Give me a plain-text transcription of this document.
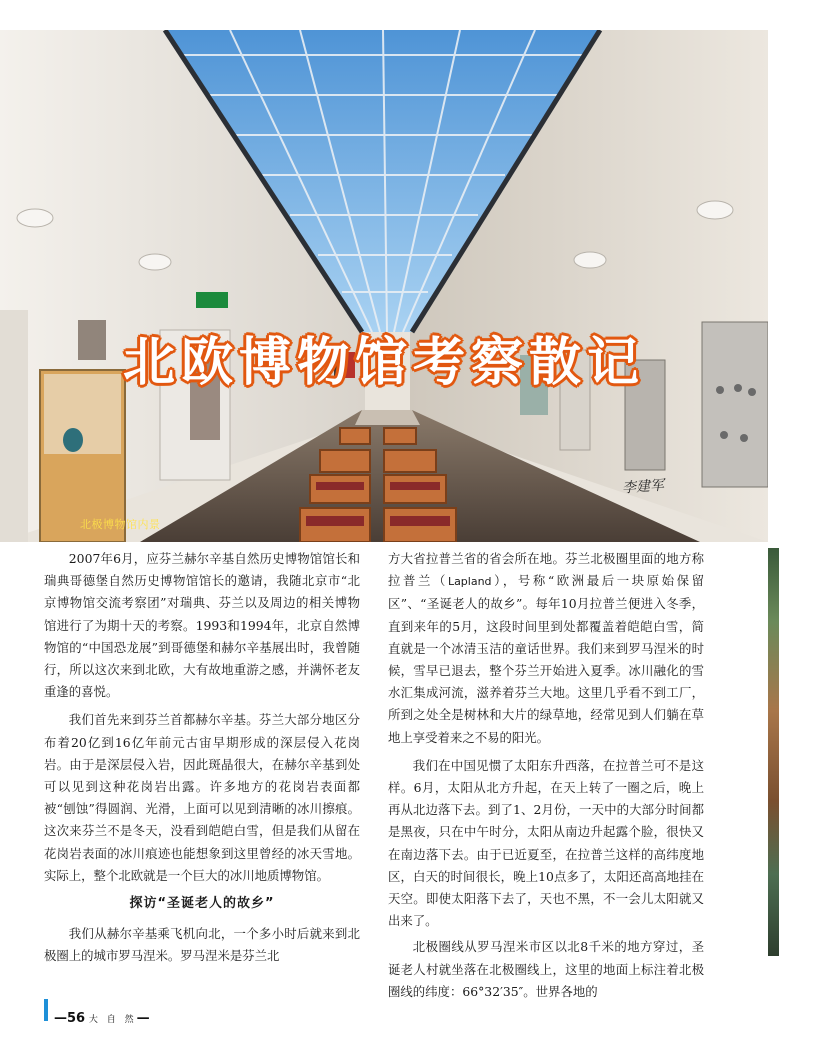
北欧博物馆考察散记
李建军
北极博物馆内景

2007年6月，应芬兰赫尔辛基自然历史博物馆馆长和瑞典哥德堡自然历史博物馆馆长的邀请，我随北京市“北京博物馆交流考察团”对瑞典、芬兰以及周边的相关博物馆进行了为期十天的考察。1993和1994年，北京自然博物馆的“中国恐龙展”到哥德堡和赫尔辛基展出时，我曾随行，所以这次来到北欧，大有故地重游之感，并满怀老友重逢的喜悦。

我们首先来到芬兰首都赫尔辛基。芬兰大部分地区分布着20亿到16亿年前元古宙早期形成的深层侵入花岗岩。由于是深层侵入岩，因此斑晶很大，在赫尔辛基到处可以见到这种花岗岩出露。许多地方的花岗岩表面都被“刨蚀”得圆润、光滑，上面可以见到清晰的冰川擦痕。这次来芬兰不是冬天，没看到皑皑白雪，但是我们从留在花岗岩表面的冰川痕迹也能想象到这里曾经的冰天雪地。实际上，整个北欧就是一个巨大的冰川地质博物馆。

探访“圣诞老人的故乡”

我们从赫尔辛基乘飞机向北，一个多小时后就来到北极圈上的城市罗马涅米。罗马涅米是芬兰北

方大省拉普兰省的省会所在地。芬兰北极圈里面的地方称拉普兰（Lapland），号称“欧洲最后一块原始保留区”、“圣诞老人的故乡”。每年10月拉普兰便进入冬季，直到来年的5月，这段时间里到处都覆盖着皑皑白雪，简直就是一个冰清玉洁的童话世界。我们来到罗马涅米的时候，雪早已退去，整个芬兰开始进入夏季。冰川融化的雪水汇集成河流，滋养着芬兰大地。这里几乎看不到工厂，所到之处全是树林和大片的绿草地，经常见到人们躺在草地上享受着来之不易的阳光。

我们在中国见惯了太阳东升西落，在拉普兰可不是这样。6月，太阳从北方升起，在天上转了一圈之后，晚上再从北边落下去。到了1、2月份，一天中的大部分时间都是黑夜，只在中午时分，太阳从南边升起露个脸，很快又在南边落下去。由于已近夏至，在拉普兰这样的高纬度地区，白天的时间很长，晚上10点多了，太阳还高高地挂在天空。即使太阳落下去了，天也不黑，不一会儿太阳就又出来了。

北极圈线从罗马涅米市区以北8千米的地方穿过，圣诞老人村就坐落在北极圈线上，这里的地面上标注着北极圈线的纬度：66°32′35″。世界各地的

—56 大 自 然—
